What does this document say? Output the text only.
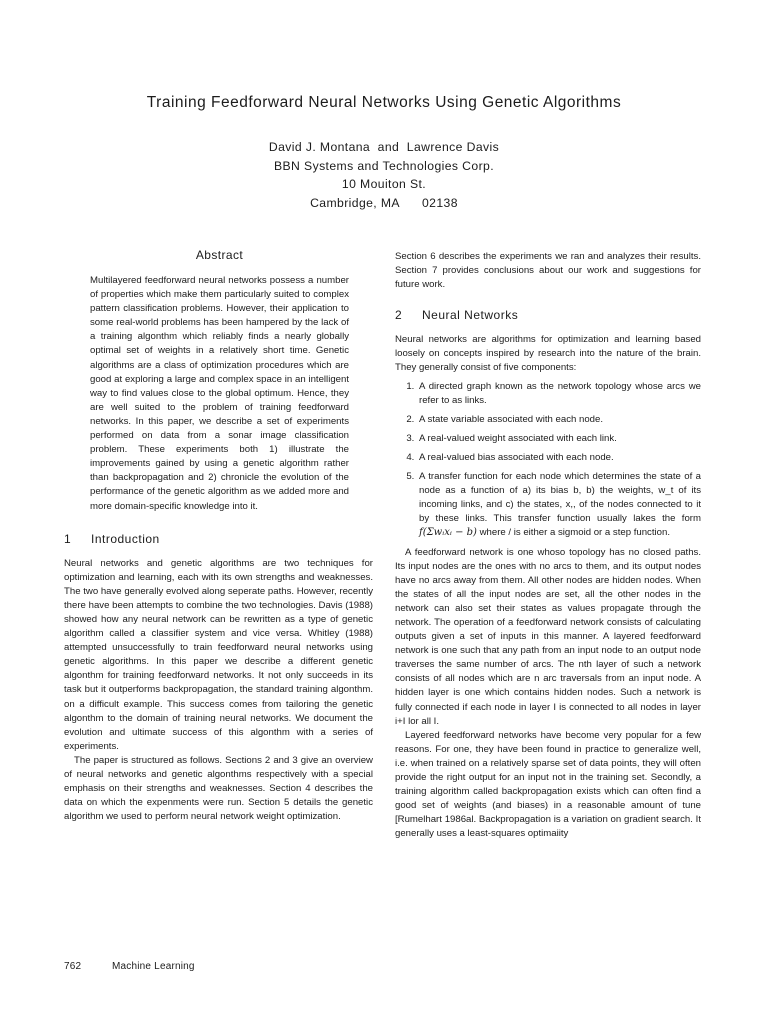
Training Feedforward Neural Networks Using Genetic Algorithms
David J. Montana  and  Lawrence Davis
BBN Systems and Technologies Corp.
10 Mouiton St.
Cambridge, MA      02138
Abstract

Multilayered feedforward neural networks possess a number of properties which make them particularly suited to complex pattern classification problems. However, their application to some real-world problems has been hampered by the lack of a training algonthm which reliably finds a nearly globally optimal set of weights in a relatively short time. Genetic algorithms are a class of optimization procedures which are good at exploring a large and complex space in an intelligent way to find values close to the global optimum. Hence, they are well suited to the problem of training feedforward networks. In this paper, we describe a set of experiments performed on data from a sonar image classification problem. These experiments both 1) illustrate the improvements gained by using a genetic algorithm rather than backpropagation and 2) chronicle the evolution of the performance of the genetic algorithm as we added more and more domain-specific knowledge into it.

1 Introduction

Neural networks and genetic algorithms are two techniques for optimization and learning, each with its own strengths and weaknesses. The two have generally evolved along seperate paths. However, recently there have been attempts to combine the two technologies. Davis (1988) showed how any neural network can be rewritten as a type of genetic algorithm called a classifier system and vice versa. Whitley (1988) attempted unsuccessfully to train feedforward neural networks using genetic algorithms. In this paper we describe a different genetic algonthm for training feedforward networks. It not only succeeds in its task but it outperforms backpropagation, the standard training algonthm. on a difficult example. This success comes from tailoring the genetic algonthm to the domain of training neural networks. We document the evolution and ultimate success of this algonthm with a series of experiments.

The paper is structured as follows. Sections 2 and 3 give an overview of neural networks and genetic algonthms respectively with a special emphasis on their strengths and weaknesses. Section 4 describes the data on which the expenments were run. Section 5 details the genetic algorithm we used to perform neural network weight optimization.

Section 6 describes the experiments we ran and analyzes their results. Section 7 provides conclusions about our work and suggestions for future work.

2 Neural Networks

Neural networks are algorithms for optimization and learning based loosely on concepts inspired by research into the nature of the brain. They generally consist of five components:

1. A directed graph known as the network topology whose arcs we refer to as links.
2. A state variable associated with each node.
3. A real-valued weight associated with each link.
4. A real-valued bias associated with each node.
5. A transfer function for each node which determines the state of a node as a function of a) its bias b, b) the weights, w_t of its incoming links, and c) the states, x,, of the nodes connected to it by these links. This transfer function usually lakes the form f(Σwᵢxᵢ − b) where / is either a sigmoid or a step function.

A feedforward network is one whoso topology has no closed paths. Its input nodes are the ones with no arcs to them, and its output nodes have no arcs away from them. All other nodes are hidden nodes. When the states of all the input nodes are set, all the other nodes in the network can also set their states as values propagate through the network. The operation of a feedforward network consists of calculating outputs given a set of inputs in this manner. A layered feedforward network is one such that any path from an input node to an output node traverses the same number of arcs. The nth layer of such a network consists of all nodes which are n arc traversals from an input node. A hidden layer is one which contains hidden nodes. Such a network is fully connected if each node in layer I is connected to all nodes in layer i+I lor all I.

Layered feedforward networks have become very popular for a few reasons. For one, they have been found in practice to generalize well, i.e. when trained on a relatively sparse set of data points, they will often provide the right output for an input not in the training set. Secondly, a training algorithm called backpropagation exists which can often find a good set of weights (and biases) in a reasonable amount of tune [Rumelhart 1986al. Backpropagation is a variation on gradient search. It generally uses a least-squares optimaiity

762	Machine Learning
